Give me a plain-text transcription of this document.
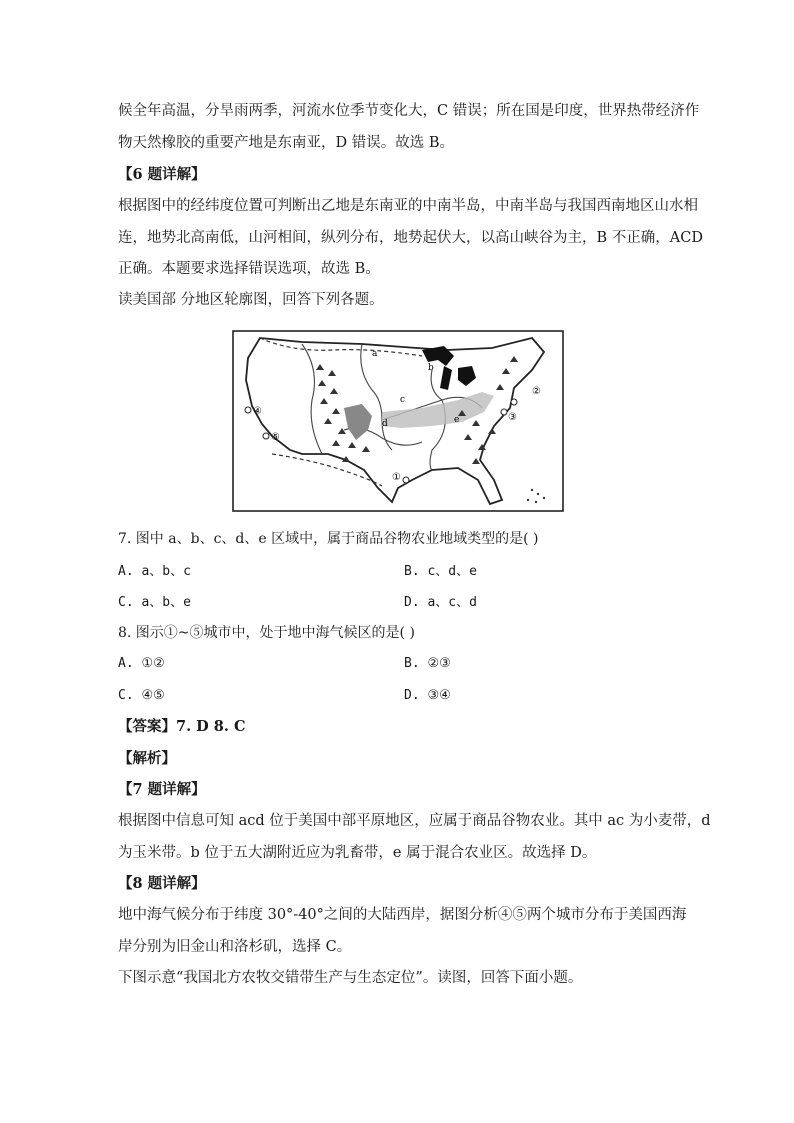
候全年高温，分旱雨两季，河流水位季节变化大，C 错误；所在国是印度，世界热带经济作
物天然橡胶的重要产地是东南亚，D 错误。故选 B。
【6 题详解】
根据图中的经纬度位置可判断出乙地是东南亚的中南半岛，中南半岛与我国西南地区山水相
连，地势北高南低，山河相间，纵列分布，地势起伏大，以高山峡谷为主，B 不正确，ACD
正确。本题要求选择错误选项，故选 B。
读美国部 分地区轮廓图，回答下列各题。
a
b
c
d	e
④
⑤
①
②
③
7. 图中 a、b、c、d、e 区域中，属于商品谷物农业地域类型的是( )
A. a、b、c	B. c、d、e
C. a、b、e	D. a、c、d
8. 图示①~⑤城市中，处于地中海气候区的是( )
A. ①②	B. ②③
C. ④⑤	D. ③④
【答案】7. D 8. C
【解析】
【7 题详解】
根据图中信息可知 acd 位于美国中部平原地区，应属于商品谷物农业。其中 ac 为小麦带，d
为玉米带。b 位于五大湖附近应为乳畜带，e 属于混合农业区。故选择 D。
【8 题详解】
地中海气候分布于纬度 30°-40°之间的大陆西岸，据图分析④⑤两个城市分布于美国西海
岸分别为旧金山和洛杉矶，选择 C。
下图示意“我国北方农牧交错带生产与生态定位”。读图，回答下面小题。
